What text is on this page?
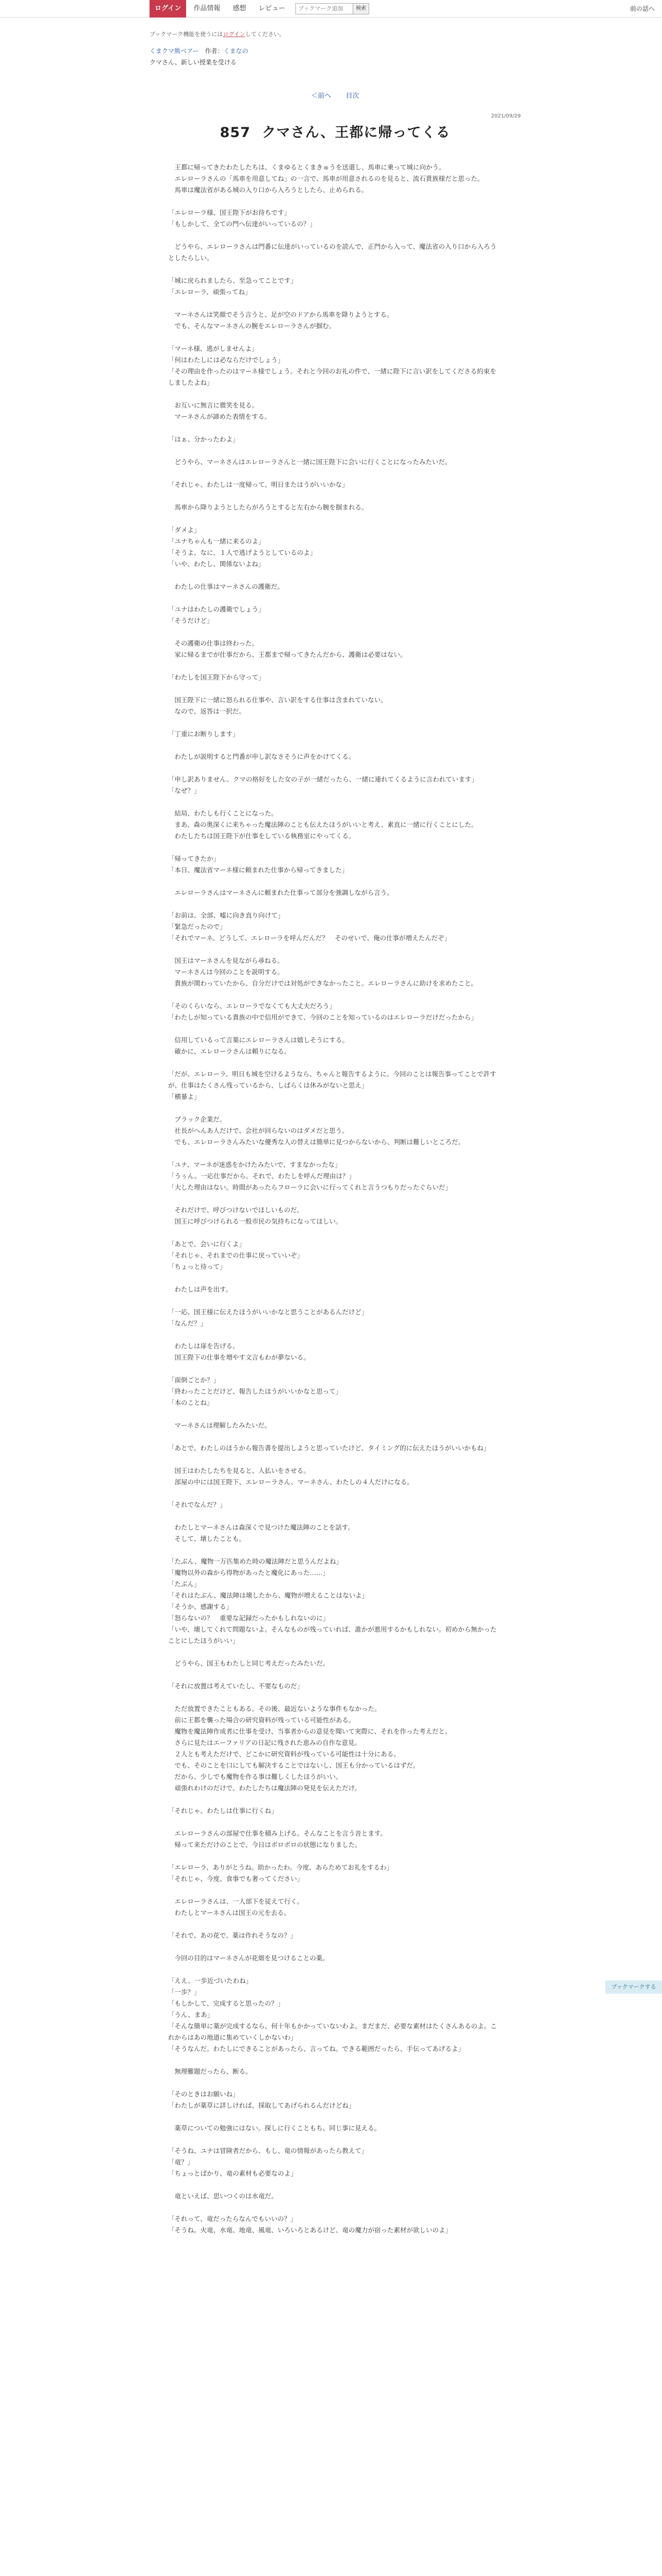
ログイン	作品情報	感想	レビュー
ブックマーク追加	検索	前の話へ
ブックマーク機能を使うにはログインしてください。
くまクマ熊ベアー 作者：くまなの
クマさん、新しい授業を受ける
＜前へ 目次
2021/09/29
857 クマさん、王都に帰ってくる

　王都に帰ってきたわたしたちは、くまゆるとくまきゅうを送還し、馬車に乗って城に向かう。

　エレローラさんの「馬車を用意してね」の一言で、馬車が用意されるのを見ると、流石貴族様だと思った。

　馬車は魔法省がある城の入り口から入ろうとしたら、止められる。

「エレローラ様、国王陛下がお待ちです」

「もしかして、全ての門へ伝達がいっているの？」

　どうやら、エレローラさんは門番に伝達がいっているのを読んで、正門から入って、魔法省の入り口から入ろうとしたらしい。

「城に戻られましたら、至急ってことです」

「エレローラ、頑張ってね」

　マーネさんは笑顔でそう言うと、足が空のドアから馬車を降りようとする。

　でも、そんなマーネさんの腕をエレローラさんが掴む。

「マーネ様、逃がしませんよ」

「何はわたしには必ならだけでしょう」

「その理由を作ったのはマーネ様でしょう。それと今回のお礼の件で、一緒に陛下に言い訳をしてくださる約束をしましたよね」

　お互いに無言に微笑を見る。

　マーネさんが諦めた表情をする。

「はぁ、分かったわよ」

　どうやら、マーネさんはエレローラさんと一緒に国王陛下に会いに行くことになったみたいだ。

「それじゃ、わたしは一度帰って、明日またはうがいいかな」

　馬車から降りようとしたらがろうとすると左右から腕を掴まれる。

「ダメよ」

「ユナちゃんも一緒に来るのよ」

「そうよ。なに、１人で逃げようとしているのよ」

「いや、わたし、関係ないよね」

　わたしの仕事はマーネさんの護衛だ。

「ユナはわたしの護衛でしょう」

「そうだけど」

　その護衛の仕事は終わった。

　家に帰るまでが仕事だから、王都まで帰ってきたんだから、護衛は必要はない。

「わたしを国王陛下から守って」

　国王陛下に一緒に怒られる仕事や、言い訳をする仕事は含まれていない。

　なので、返答は一択だ。

「丁重にお断りします」

　わたしが説明すると門番が申し訳なさそうに声をかけてくる。

「申し訳ありません。クマの格好をした女の子が一緒だったら、一緒に連れてくるように言われています」

「なぜ？」

　結局、わたしも行くことになった。

　まあ、森の奥深くに来ちゃった魔法陣のことも伝えたほうがいいと考え、素直に一緒に行くことにした。

　わたしたちは国王陛下が仕事をしている執務室にやってくる。

「帰ってきたか」

「本日、魔法省マーネ様に頼まれた仕事から帰ってきました」

　エレローラさんはマーネさんに頼まれた仕事って部分を強調しながら言う。

「お前は、全部、嘘に向き直り向けて」

「緊急だったので」

「それでマーネ。どうして、エレローラを呼んだんだ？　そのせいで、俺の仕事が増えたんだぞ」

　国王はマーネさんを見ながら尋ねる。

　マーネさんは今回のことを説明する。

　貴族が関わっていたから、自分だけでは対処ができなかったこと。エレローラさんに助けを求めたこと。

「そのくらいなら、エレローラでなくても大丈夫だろう」

「わたしが知っている貴族の中で信用ができて、今回のことを知っているのはエレローラだけだったから」

　信用しているって言葉にエレローラさんは嬉しそうにする。

　確かに、エレローラさんは頼りになる。

「だが、エレローラ。明日も城を空けるようなら、ちゃんと報告するように。今回のことは報告事ってことで許すが、仕事はたくさん残っているから、しばらくは休みがないと思え」

「横暴よ」

　ブラック企業だ。

　社長がへんあ人だけで、会社が回らないのはダメだと思う。

　でも、エレローラさんみたいな優秀な人の替えは簡単に見つからないから、判断は難しいところだ。

「ユナ、マーネが迷惑をかけたみたいで、すまなかったな」

「うぅん。一応仕事だから。それで、わたしを呼んだ理由は？」

「大した理由はない。時間があったらフローラに会いに行ってくれと言うつもりだったぐらいだ」

　それだけで、呼びつけないでほしいものだ。

　国王に呼びつけられる一般市民の気持ちになってほしい。

「あとで、会いに行くよ」

「それじゃ、それまでの仕事に戻っていいぞ」

「ちょっと待って」

　わたしは声を出す。

「一応、国王様に伝えたほうがいいかなと思うことがあるんだけど」

「なんだ？」

　わたしは扉を告げる。

　国王陛下の仕事を増やす文言もわが夢ないる。

「面倒ごとか？」

「終わったことだけど、報告したほうがいいかなと思って」

「本のことね」

　マーネさんは理解したみたいだ。

「あとで、わたしのほうから報告書を提出しようと思っていたけど、タイミング的に伝えたほうがいいかもね」

　国王はわたしたちを見ると、人払いをさせる。

　部屋の中には国王陛下、エレローラさん、マーネさん、わたしの４人だけになる。

「それでなんだ？」

　わたしとマーネさんは森深くで見つけた魔法陣のことを話す。

　そして、壊したことも。

「たぶん、魔物一万匹集めた時の魔法陣だと思うんだよね」

「魔物以外の森から得物があったと魔化にあった……」

「たぶん」

「それはたぶん、魔法陣は壊したから、魔物が増えることはないよ」

「そうか、感謝する」

「怒らないの？　重要な記録だったかもしれないのに」

「いや、壊してくれて問題ないよ。そんなものが残っていれば、誰かが悪用するかもしれない。初めから無かったことにしたほうがいい」

　どうやら、国王もわたしと同じ考えだったみたいだ。

「それに放置は考えていたし、不要なものだ」

　ただ放置できたこともある。その後、最近ないような事件もなかった。

　前に王都を襲った場合の研究資料が残っている可能性がある。

　魔物を魔法陣作成者に仕事を受け、当事者からの意見を聞いて実際に、それを作った考えだと。

　さらに見たはエーファリアの日記に残された恵みの自作な意見。

　２人とも考えただけで、どこかに研究資料が残っている可能性は十分にある。

　でも、そのことを口にしても解決することではないし、国王も分かっているはずだ。

　だから、少しでも魔物を作る事は難しくしたほうがいい。

　頑張れわけのだけで、わたしたちは魔法陣の発見を伝えただけ。

「それじゃ、わたしは仕事に行くね」

　エレローラさんの部屋で仕事を積み上げる。そんなことを言う音とます。

　帰って来ただけのことで、今日はボロボロの状態になりました。

「エレローラ、ありがとうね。助かったわ。今度、あらためてお礼をするわ」

「それじゃ、今度、食事でも奢ってください」

　エレローラさんは、一人部下を従えて行く。

　わたしとマーネさんは国王の元を去る。

「それで、あの花で、薬は作れそうなの？」

　今回の目的はマーネさんが花畑を見つけることの薬。

「ええ、一歩近づいたわね」

「一歩？」

「もしかして、完成すると思ったの？」

「うん、まあ」

「そんな簡単に薬が完成するなら、何十年もかかっていないわよ。まだまだ、必要な素材はたくさんあるのよ。これからはあの地道に集めていくしかないわ」

「そうなんだ。わたしにできることがあったら、言ってね。できる範囲だったら、手伝ってあげるよ」

　無理難題だったら、断る。

「そのときはお願いね」

「わたしが薬草に詳しければ、採取してあげられるんだけどね」

　薬草についての勉強にはない。探しに行くこともち、同じ事に見える。

「そうね、ユナは冒険者だから、もし、竜の情報があったら教えて」

「竜？」

「ちょっとばかり、竜の素材も必要なのよ」

　竜といえば、思いつくのは水竜だ。

「それって、竜だったらなんでもいいの？」

「そうね。火竜、水竜、地竜、風竜、いろいろとあるけど、竜の魔力が宿った素材が欲しいのよ」

ブックマークする
